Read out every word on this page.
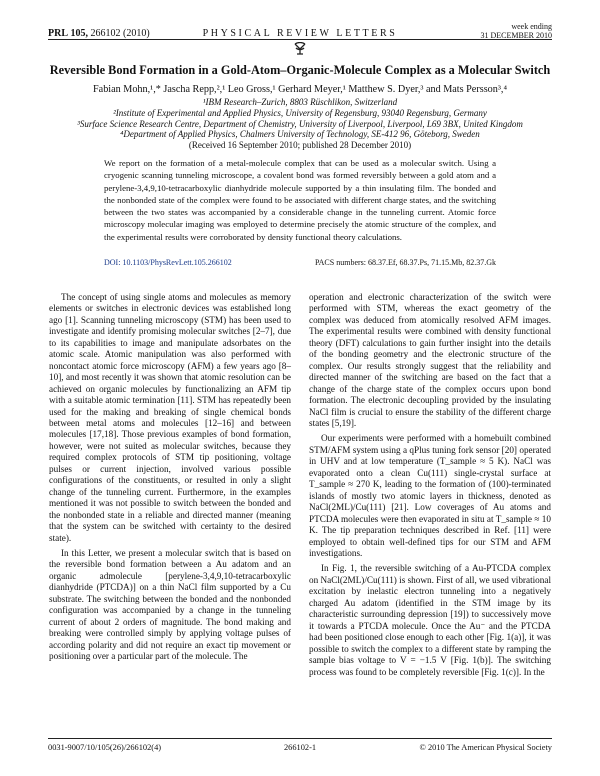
PRL 105, 266102 (2010)	PHYSICAL REVIEW LETTERS
week ending
31 DECEMBER 2010
Reversible Bond Formation in a Gold-Atom–Organic-Molecule Complex as a Molecular Switch
Fabian Mohn,¹,* Jascha Repp,²,¹ Leo Gross,¹ Gerhard Meyer,¹ Matthew S. Dyer,³ and Mats Persson³,⁴
¹IBM Research–Zurich, 8803 Rüschlikon, Switzerland
²Institute of Experimental and Applied Physics, University of Regensburg, 93040 Regensburg, Germany
³Surface Science Research Centre, Department of Chemistry, University of Liverpool, Liverpool, L69 3BX, United Kingdom
⁴Department of Applied Physics, Chalmers University of Technology, SE-412 96, Göteborg, Sweden
(Received 16 September 2010; published 28 December 2010)
We report on the formation of a metal-molecule complex that can be used as a molecular switch. Using a cryogenic scanning tunneling microscope, a covalent bond was formed reversibly between a gold atom and a perylene-3,4,9,10-tetracarboxylic dianhydride molecule supported by a thin insulating film. The bonded and the nonbonded state of the complex were found to be associated with different charge states, and the switching between the two states was accompanied by a considerable change in the tunneling current. Atomic force microscopy molecular imaging was employed to determine precisely the atomic structure of the complex, and the experimental results were corroborated by density functional theory calculations.
DOI: 10.1103/PhysRevLett.105.266102	PACS numbers: 68.37.Ef, 68.37.Ps, 71.15.Mb, 82.37.Gk

The concept of using single atoms and molecules as memory elements or switches in electronic devices was established long ago [1]. Scanning tunneling microscopy (STM) has been used to investigate and identify promising molecular switches [2–7], due to its capabilities to image and manipulate adsorbates on the atomic scale. Atomic manipulation was also performed with noncontact atomic force microscopy (AFM) a few years ago [8–10], and most recently it was shown that atomic resolution can be achieved on organic molecules by functionalizing an AFM tip with a suitable atomic termination [11]. STM has repeatedly been used for the making and breaking of single chemical bonds between metal atoms and molecules [12–16] and between molecules [17,18]. Those previous examples of bond formation, however, were not suited as molecular switches, because they required complex protocols of STM tip positioning, voltage pulses or current injection, involved various possible configurations of the constituents, or resulted in only a slight change of the tunneling current. Furthermore, in the examples mentioned it was not possible to switch between the bonded and the nonbonded state in a reliable and directed manner (meaning that the system can be switched with certainty to the desired state).

In this Letter, we present a molecular switch that is based on the reversible bond formation between a Au adatom and an organic admolecule [perylene-3,4,9,10-tetracarboxylic dianhydride (PTCDA)] on a thin NaCl film supported by a Cu substrate. The switching between the bonded and the nonbonded configuration was accompanied by a change in the tunneling current of about 2 orders of magnitude. The bond making and breaking were controlled simply by applying voltage pulses of according polarity and did not require an exact tip movement or positioning over a particular part of the molecule. The

operation and electronic characterization of the switch were performed with STM, whereas the exact geometry of the complex was deduced from atomically resolved AFM images. The experimental results were combined with density functional theory (DFT) calculations to gain further insight into the details of the bonding geometry and the electronic structure of the complex. Our results strongly suggest that the reliability and directed manner of the switching are based on the fact that a change of the charge state of the complex occurs upon bond formation. The electronic decoupling provided by the insulating NaCl film is crucial to ensure the stability of the different charge states [5,19].

Our experiments were performed with a homebuilt combined STM/AFM system using a qPlus tuning fork sensor [20] operated in UHV and at low temperature (T_sample ≈ 5 K). NaCl was evaporated onto a clean Cu(111) single-crystal surface at T_sample ≈ 270 K, leading to the formation of (100)-terminated islands of mostly two atomic layers in thickness, denoted as NaCl(2ML)/Cu(111) [21]. Low coverages of Au atoms and PTCDA molecules were then evaporated in situ at T_sample ≈ 10 K. The tip preparation techniques described in Ref. [11] were employed to obtain well-defined tips for our STM and AFM investigations.

In Fig. 1, the reversible switching of a Au-PTCDA complex on NaCl(2ML)/Cu(111) is shown. First of all, we used vibrational excitation by inelastic electron tunneling into a negatively charged Au adatom (identified in the STM image by its characteristic surrounding depression [19]) to successively move it towards a PTCDA molecule. Once the Au⁻ and the PTCDA had been positioned close enough to each other [Fig. 1(a)], it was possible to switch the complex to a different state by ramping the sample bias voltage to V = −1.5 V [Fig. 1(b)]. The switching process was found to be completely reversible [Fig. 1(c)]. In the

0031-9007/10/105(26)/266102(4)	266102-1	© 2010 The American Physical Society
